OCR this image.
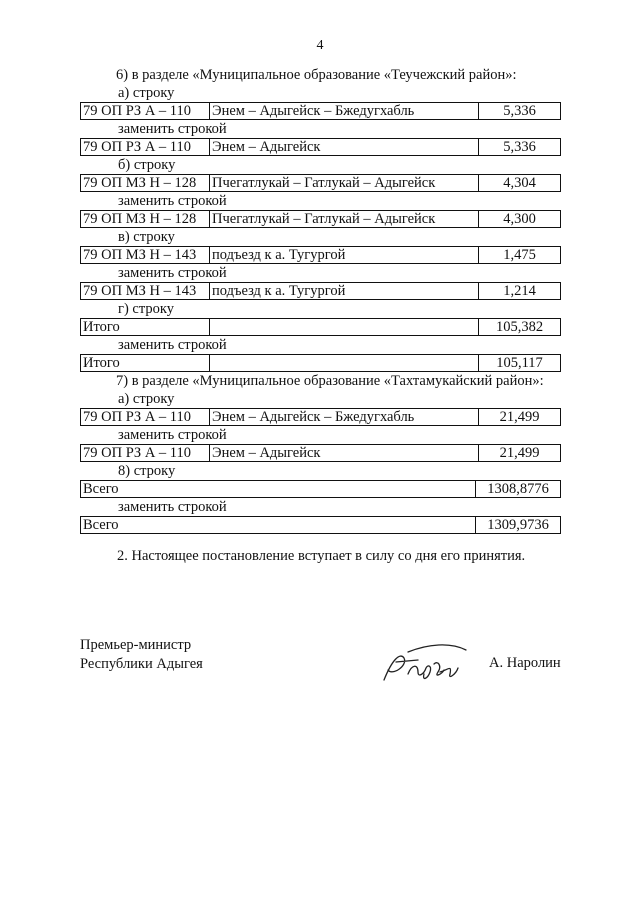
4
6) в разделе «Муниципальное образование «Теучежский район»:
а) строку
79 ОП РЗ А – 110	Энем – Адыгейск – Бжедугхабль	5,336
заменить строкой
79 ОП РЗ А – 110	Энем – Адыгейск	5,336
б) строку
79 ОП МЗ Н – 128	Пчегатлукай – Гатлукай – Адыгейск	4,304
заменить строкой
79 ОП МЗ Н – 128	Пчегатлукай – Гатлукай – Адыгейск	4,300
в) строку
79 ОП МЗ Н – 143	подъезд к а. Тугургой	1,475
заменить строкой
79 ОП МЗ Н – 143	подъезд к а. Тугургой	1,214
г) строку
Итого		105,382
заменить строкой
Итого		105,117
7) в разделе «Муниципальное образование «Тахтамукайский район»:
а) строку
79 ОП РЗ А – 110	Энем – Адыгейск – Бжедугхабль	21,499
заменить строкой
79 ОП РЗ А – 110	Энем – Адыгейск	21,499
8) строку
Всего	1308,8776
заменить строкой
Всего	1309,9736
2. Настоящее постановление вступает в силу со дня его принятия.
Премьер-министр
Республики Адыгея	А. Наролин
